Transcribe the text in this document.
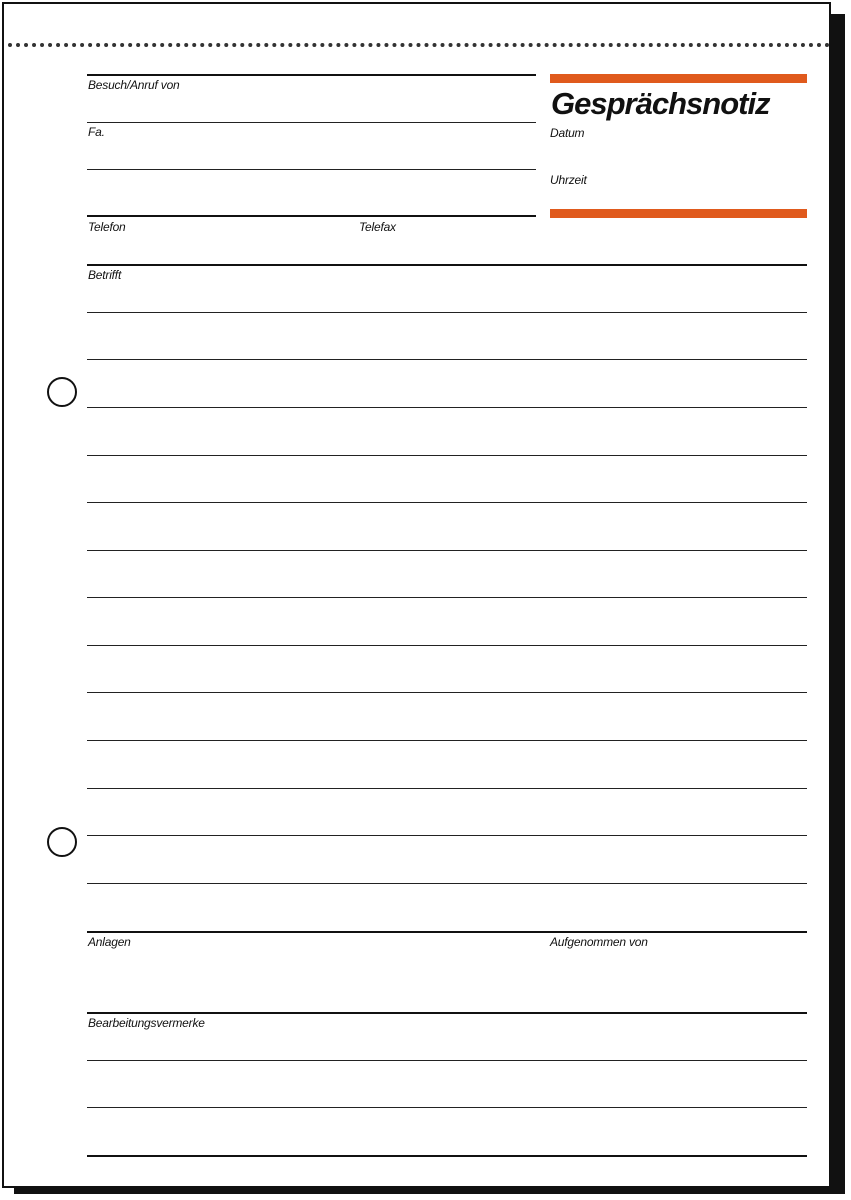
Besuch/Anruf von
Fa.
Telefon	Telefax
Gesprächsnotiz
Datum
Uhrzeit
Betrifft
Anlagen	Aufgenommen von
Bearbeitungsvermerke
